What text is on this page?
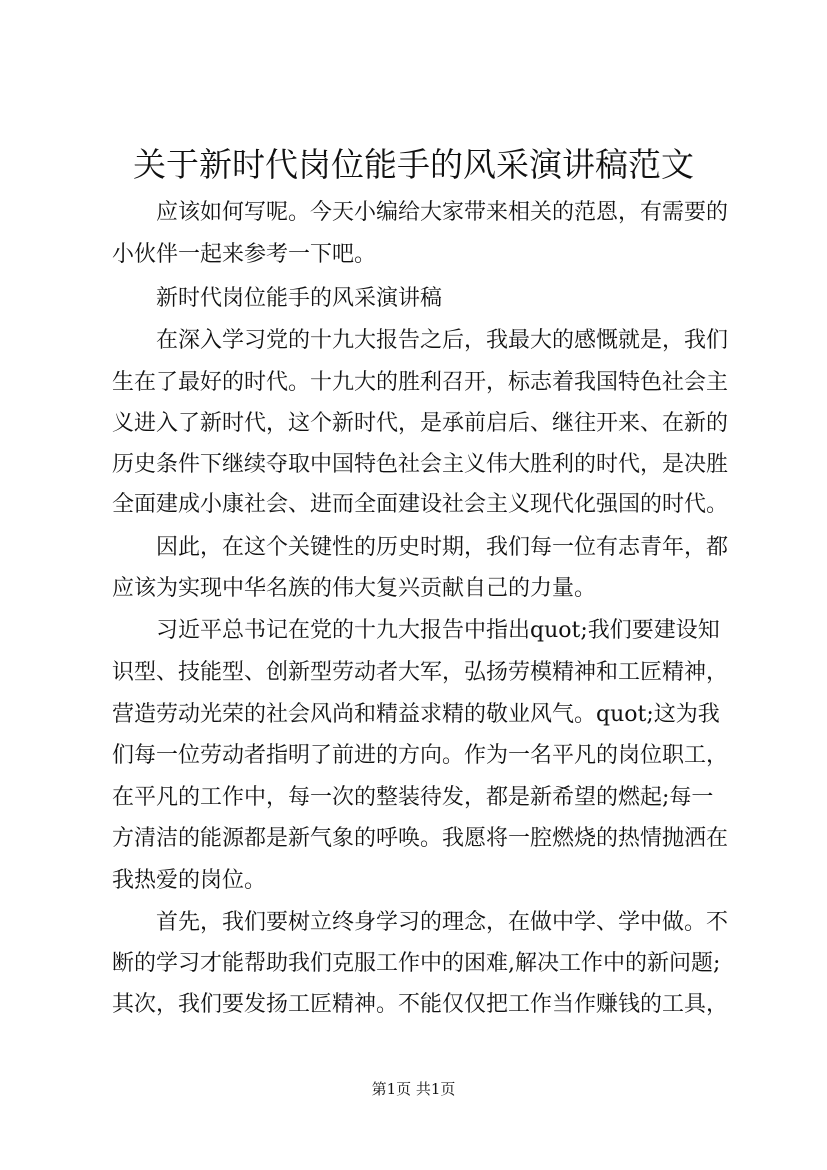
关于新时代岗位能手的风采演讲稿范文
　　应该如何写呢。今天小编给大家带来相关的范恩，有需要的
小伙伴一起来参考一下吧。
　　新时代岗位能手的风采演讲稿
　　在深入学习党的十九大报告之后，我最大的感慨就是，我们
生在了最好的时代。十九大的胜利召开，标志着我国特色社会主
义进入了新时代，这个新时代，是承前启后、继往开来、在新的
历史条件下继续夺取中国特色社会主义伟大胜利的时代，是决胜
全面建成小康社会、进而全面建设社会主义现代化强国的时代。
　　因此，在这个关键性的历史时期，我们每一位有志青年，都
应该为实现中华名族的伟大复兴贡献自己的力量。
　　习近平总书记在党的十九大报告中指出quot;我们要建设知
识型、技能型、创新型劳动者大军，弘扬劳模精神和工匠精神，
营造劳动光荣的社会风尚和精益求精的敬业风气。quot;这为我
们每一位劳动者指明了前进的方向。作为一名平凡的岗位职工，
在平凡的工作中，每一次的整装待发，都是新希望的燃起;每一
方清洁的能源都是新气象的呼唤。我愿将一腔燃烧的热情抛洒在
我热爱的岗位。
　　首先，我们要树立终身学习的理念，在做中学、学中做。不
断的学习才能帮助我们克服工作中的困难,解决工作中的新问题;
其次，我们要发扬工匠精神。不能仅仅把工作当作赚钱的工具，
第1页 共1页
